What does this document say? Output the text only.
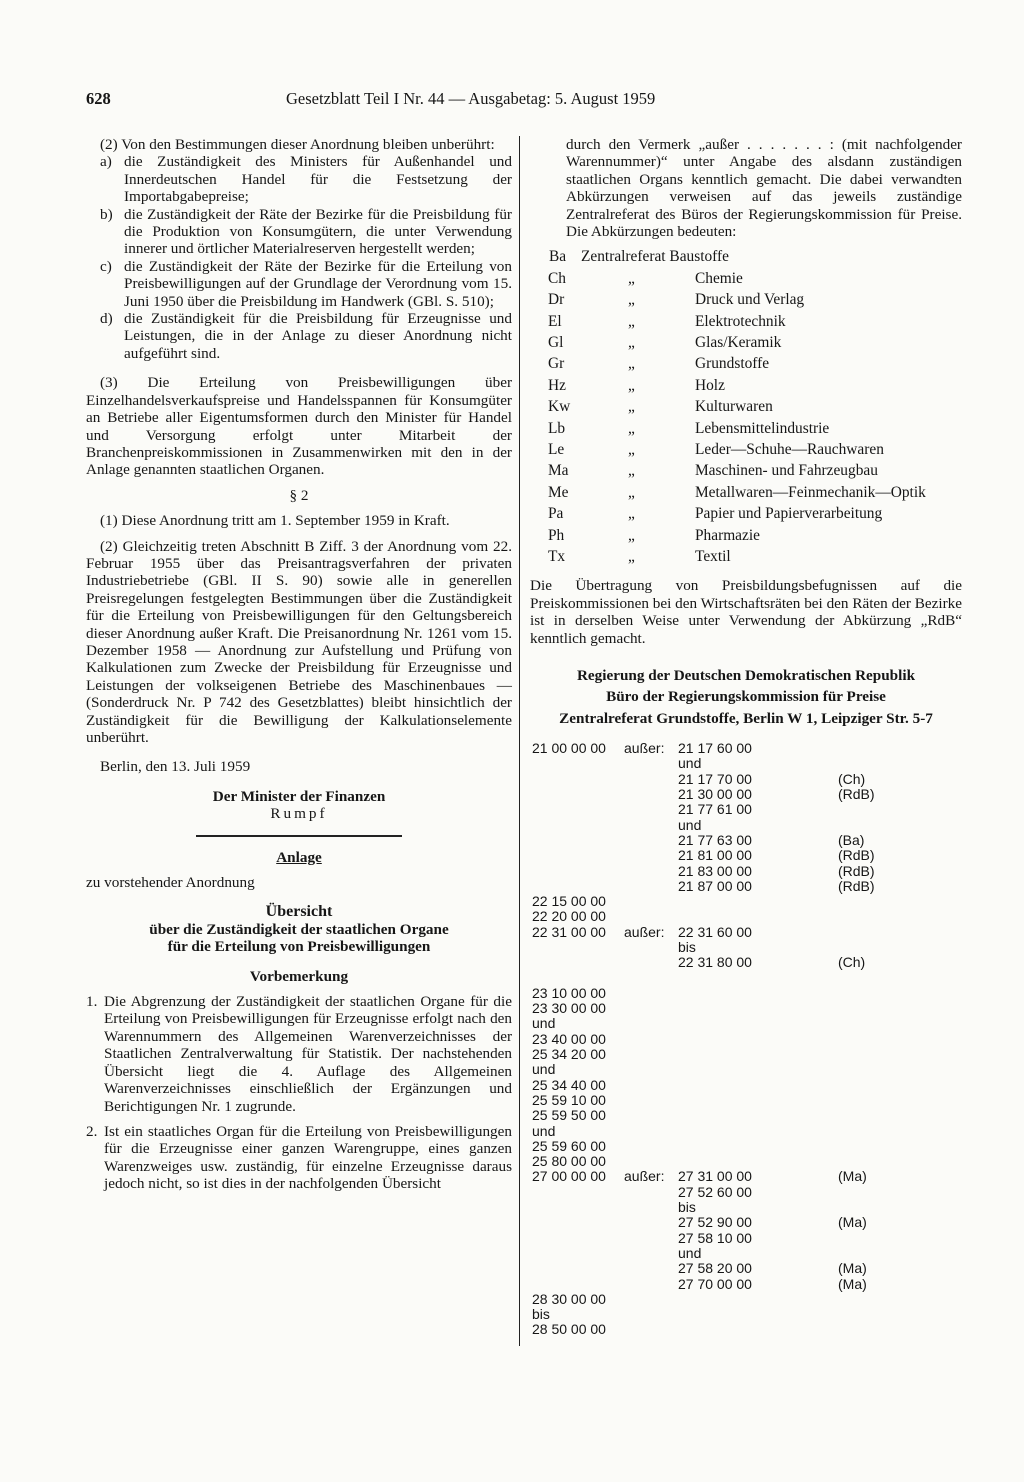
628	Gesetzblatt Teil I Nr. 44 — Ausgabetag: 5. August 1959

(2) Von den Bestimmungen dieser Anordnung bleiben unberührt:

a) die Zuständigkeit des Ministers für Außenhandel und Innerdeutschen Handel für die Festsetzung der Importabgabepreise;
b) die Zuständigkeit der Räte der Bezirke für die Preisbildung für die Produktion von Konsumgütern, die unter Verwendung innerer und örtlicher Materialreserven hergestellt werden;
c) die Zuständigkeit der Räte der Bezirke für die Erteilung von Preisbewilligungen auf der Grundlage der Verordnung vom 15. Juni 1950 über die Preisbildung im Handwerk (GBl. S. 510);
d) die Zuständigkeit für die Preisbildung für Erzeugnisse und Leistungen, die in der Anlage zu dieser Anordnung nicht aufgeführt sind.

(3) Die Erteilung von Preisbewilligungen über Einzelhandelsverkaufspreise und Handelsspannen für Konsumgüter an Betriebe aller Eigentumsformen durch den Minister für Handel und Versorgung erfolgt unter Mitarbeit der Branchenpreiskommissionen in Zusammenwirken mit den in der Anlage genannten staatlichen Organen.

§ 2

(1) Diese Anordnung tritt am 1. September 1959 in Kraft.

(2) Gleichzeitig treten Abschnitt B Ziff. 3 der Anordnung vom 22. Februar 1955 über das Preisantragsverfahren der privaten Industriebetriebe (GBl. II S. 90) sowie alle in generellen Preisregelungen festgelegten Bestimmungen über die Zuständigkeit für die Erteilung von Preisbewilligungen für den Geltungsbereich dieser Anordnung außer Kraft. Die Preisanordnung Nr. 1261 vom 15. Dezember 1958 — Anordnung zur Aufstellung und Prüfung von Kalkulationen zum Zwecke der Preisbildung für Erzeugnisse und Leistungen der volkseigenen Betriebe des Maschinenbaues — (Sonderdruck Nr. P 742 des Gesetzblattes) bleibt hinsichtlich der Zuständigkeit für die Bewilligung der Kalkulationselemente unberührt.

Berlin, den 13. Juli 1959

Der Minister der Finanzen

Rumpf

Anlage

zu vorstehender Anordnung

Übersicht

über die Zuständigkeit der staatlichen Organe

für die Erteilung von Preisbewilligungen

Vorbemerkung

1. Die Abgrenzung der Zuständigkeit der staatlichen Organe für die Erteilung von Preisbewilligungen für Erzeugnisse erfolgt nach den Warennummern des Allgemeinen Warenverzeichnisses der Staatlichen Zentralverwaltung für Statistik. Der nachstehenden Übersicht liegt die 4. Auflage des Allgemeinen Warenverzeichnisses einschließlich der Ergänzungen und Berichtigungen Nr. 1 zugrunde.
2. Ist ein staatliches Organ für die Erteilung von Preisbewilligungen für die Erzeugnisse einer ganzen Warengruppe, eines ganzen Warenzweiges usw. zuständig, für einzelne Erzeugnisse daraus jedoch nicht, so ist dies in der nachfolgenden Übersicht

durch den Vermerk „außer . . . . . . . : (mit nachfolgender Warennummer)“ unter Angabe des alsdann zuständigen staatlichen Organs kenntlich gemacht. Die dabei verwandten Abkürzungen verweisen auf das jeweils zuständige Zentralreferat des Büros der Regierungskommission für Preise. Die Abkürzungen bedeuten:

Ba Zentralreferat Baustoffe
Ch	„	Chemie
Dr	„	Druck und Verlag
El	„	Elektrotechnik
Gl	„	Glas/Keramik
Gr	„	Grundstoffe
Hz	„	Holz
Kw	„	Kulturwaren
Lb	„	Lebensmittelindustrie
Le	„	Leder—Schuhe—Rauchwaren
Ma	„	Maschinen- und Fahrzeugbau
Me	„	Metallwaren—Feinmechanik—Optik
Pa	„	Papier und Papierverarbeitung
Ph	„	Pharmazie
Tx	„	Textil

Die Übertragung von Preisbildungsbefugnissen auf die Preiskommissionen bei den Wirtschaftsräten bei den Räten der Bezirke ist in derselben Weise unter Verwendung der Abkürzung „RdB“ kenntlich gemacht.

Regierung der Deutschen Demokratischen Republik

Büro der Regierungskommission für Preise

Zentralreferat Grundstoffe, Berlin W 1, Leipziger Str. 5-7

21 00 00 00 außer: 21 17 60 00
und
21 17 70 00	(Ch)
21 30 00 00	(RdB)
21 77 61 00
und
21 77 63 00	(Ba)
21 81 00 00	(RdB)
21 83 00 00	(RdB)
21 87 00 00	(RdB)
22 15 00 00
22 20 00 00
22 31 00 00 außer: 22 31 60 00
bis
22 31 80 00	(Ch)
23 10 00 00
23 30 00 00
und
23 40 00 00
25 34 20 00
und
25 34 40 00
25 59 10 00
25 59 50 00
und
25 59 60 00
25 80 00 00
27 00 00 00 außer: 27 31 00 00	(Ma)
27 52 60 00
bis
27 52 90 00	(Ma)
27 58 10 00
und
27 58 20 00	(Ma)
27 70 00 00	(Ma)
28 30 00 00
bis
28 50 00 00
